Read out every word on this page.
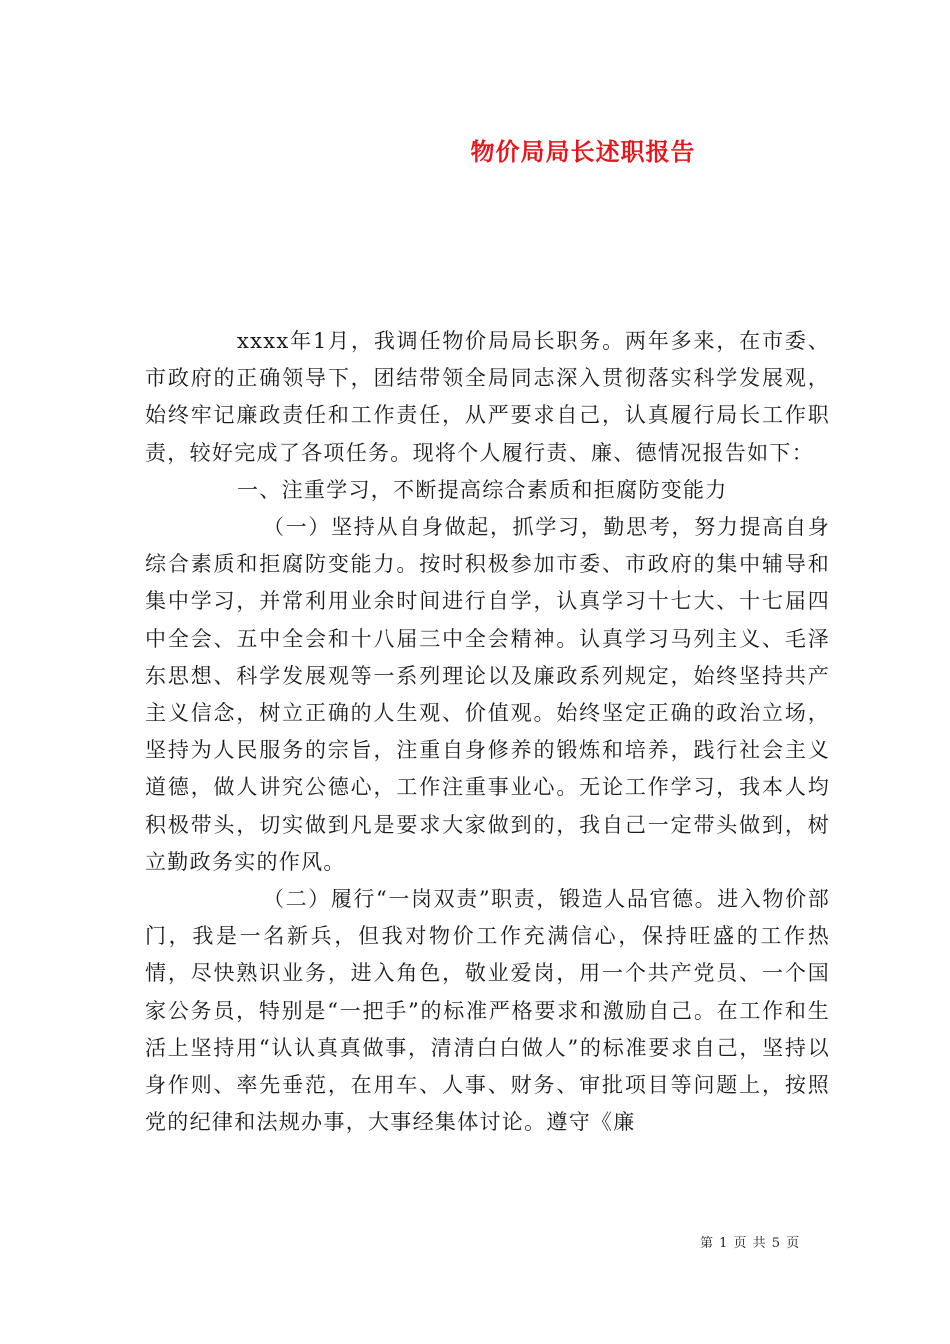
物价局局长述职报告

xxxx年1月，我调任物价局局长职务。两年多来，在市委、市政府的正确领导下，团结带领全局同志深入贯彻落实科学发展观，始终牢记廉政责任和工作责任，从严要求自己，认真履行局长工作职责，较好完成了各项任务。现将个人履行责、廉、德情况报告如下：

一、注重学习，不断提高综合素质和拒腐防变能力

（一）坚持从自身做起，抓学习，勤思考，努力提高自身综合素质和拒腐防变能力。按时积极参加市委、市政府的集中辅导和集中学习，并常利用业余时间进行自学，认真学习十七大、十七届四中全会、五中全会和十八届三中全会精神。认真学习马列主义、毛泽东思想、科学发展观等一系列理论以及廉政系列规定，始终坚持共产主义信念，树立正确的人生观、价值观。始终坚定正确的政治立场，坚持为人民服务的宗旨，注重自身修养的锻炼和培养，践行社会主义道德，做人讲究公德心，工作注重事业心。无论工作学习，我本人均积极带头，切实做到凡是要求大家做到的，我自己一定带头做到，树立勤政务实的作风。

（二）履行“一岗双责”职责，锻造人品官德。进入物价部门，我是一名新兵，但我对物价工作充满信心，保持旺盛的工作热情，尽快熟识业务，进入角色，敬业爱岗，用一个共产党员、一个国家公务员，特别是“一把手”的标准严格要求和激励自己。在工作和生活上坚持用“认认真真做事，清清白白做人”的标准要求自己，坚持以身作则、率先垂范，在用车、人事、财务、审批项目等问题上，按照党的纪律和法规办事，大事经集体讨论。遵守《廉

第 1 页 共 5 页
